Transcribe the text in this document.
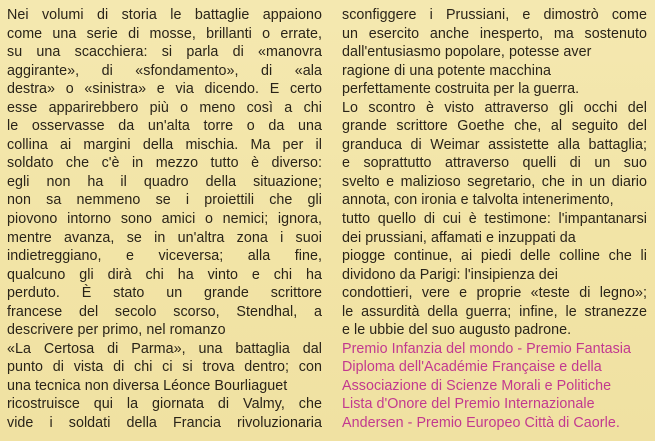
Nei volumi di storia le battaglie appaiono
come una serie di mosse, brillanti o errate,
su una scacchiera: si parla di «manovra
aggirante», di «sfondamento», di «ala
destra» o «sinistra» e via dicendo. E certo
esse apparirebbero più o meno così a chi
le osservasse da un'alta torre o da una
collina ai margini della mischia. Ma per il
soldato che c'è in mezzo tutto è diverso:
egli non ha il quadro della situazione;
non sa nemmeno se i proiettili che gli
piovono intorno sono amici o nemici; ignora,
mentre avanza, se in un'altra zona i suoi
indietreggiano, e viceversa; alla fine,
qualcuno gli dirà chi ha vinto e chi ha
perduto. È stato un grande scrittore
francese del secolo scorso, Stendhal, a
descrivere per primo, nel romanzo
«La Certosa di Parma», una battaglia dal
punto di vista di chi ci si trova dentro; con
una tecnica non diversa Léonce Bourliaguet
ricostruisce qui la giornata di Valmy, che
vide i soldati della Francia rivoluzionaria
sconfiggere i Prussiani, e dimostrò come
un esercito anche inesperto, ma sostenuto
dall'entusiasmo popolare, potesse aver
ragione di una potente macchina
perfettamente costruita per la guerra.
Lo scontro è visto attraverso gli occhi del
grande scrittore Goethe che, al seguito del
granduca di Weimar assistette alla battaglia;
e soprattutto attraverso quelli di un suo
svelto e malizioso segretario, che in un diario
annota, con ironia e talvolta intenerimento,
tutto quello di cui è testimone: l'impantanarsi
dei prussiani, affamati e inzuppati da
piogge continue, ai piedi delle colline che li
dividono da Parigi: l'insipienza dei
condottieri, vere e proprie «teste di legno»;
le assurdità della guerra; infine, le stranezze
e le ubbie del suo augusto padrone.
Premio Infanzia del mondo - Premio Fantasia
Diploma dell'Académie Française e della
Associazione di Scienze Morali e Politiche
Lista d'Onore del Premio Internazionale
Andersen - Premio Europeo Città di Caorle.
